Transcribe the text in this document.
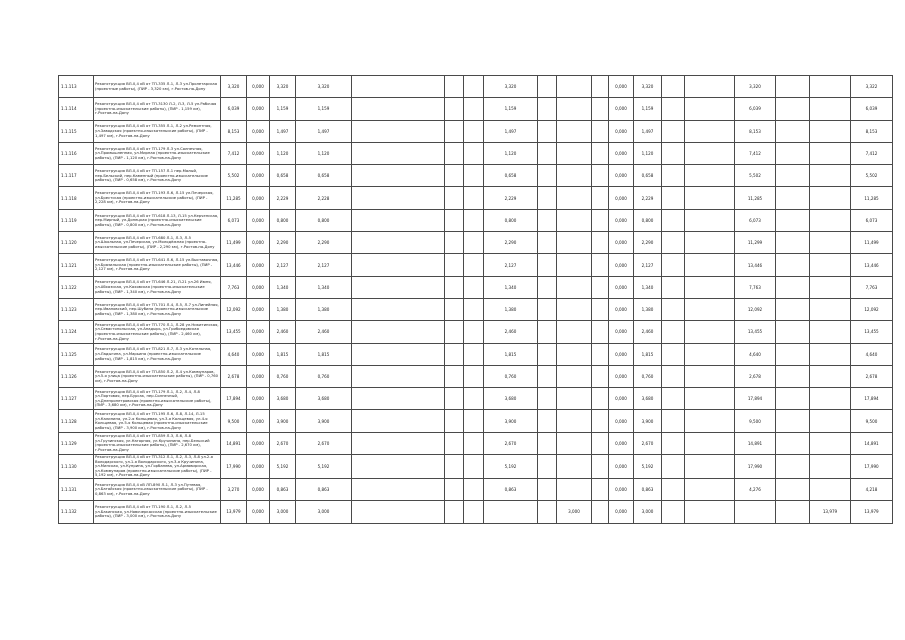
1.1.113	Реконструкция ВЛ-0,4 кВ от ТП-335 Л-1, Л-3 ул.Пролетарская (проектные работы), (ПИР - 3,320 км), г.Ростов-на-Дону	3,320	0,000	3,320	3,320				3,320				0,000	3,320			3,320			3,322
1.1.114	Реконструкция ВЛ-0,4 кВ от ТП-3130 Л-2, Л-3, Л-5 ул.Рабочая (проектно-изыскательские работы), (ПИР - 1,159 км), г.Ростов-на-Дону	6,039	0,000	1,159	1,159				1,159				0,000	1,159			6,039			6,039
1.1.115	Реконструкция ВЛ-0,4 кВ от ТП-355 Л-1, Л-2 ул.Ремонтная, ул.Заводская (проектно-изыскательские работы), (ПИР - 1,497 км), г.Ростов-на-Дону	8,153	0,000	1,497	1,497				1,497				0,000	1,497			8,153			8,153
1.1.116	Реконструкция ВЛ-0,4 кВ от ТП-179 Л-3 ул.Солнечная, ул.Промышленная, ул.Мирная (проектно-изыскательские работы), (ПИР - 1,120 км), г.Ростов-на-Дону	7,412	0,000	1,120	1,120				1,120				0,000	1,120			7,412			7,412
1.1.117	Реконструкция ВЛ-0,4 кВ от ТП-157 Л-1 пер.Малый, пер.Бельский, пер.Каменный (проектно-изыскательские работы), (ПИР - 0,658 км), г.Ростов-на-Дону	5,502	0,000	0,658	0,658				0,658				0,000	0,658			5,502			5,502
1.1.118	Реконструкция ВЛ-0,4 кВ от ТП-193 Л-6, Л-15 ул.Печерская, ул.Брестская (проектно-изыскательские работы), (ПИР - 2,228 км), г.Ростов-на-Дону	11,285	0,000	2,229	2,228				2,229				0,000	2,229			11,285			11,285
1.1.119	Реконструкция ВЛ-0,4 кВ от ТП-618 Л-13, Л-15 ул.Керченская, пер.Мирный, ул.Донецкая (проектно-изыскательские работы), (ПИР - 0,800 км), г.Ростов-на-Дону	6,073	0,000	0,800	0,800				0,800				0,000	0,800			6,073			6,073
1.1.120	Реконструкция ВЛ-0,4 кВ от ТП-680 Л-1, Л-3, Л-5 ул.Школьная, ул.Печерская, ул.Молодёжная (проектно-изыскательские работы), (ПИР - 2,290 км), г.Ростов-на-Дону	11,499	0,000	2,290	2,290				2,290				0,000	2,290			11,299			11,499
1.1.121	Реконструкция ВЛ-0,4 кВ от ТП-641 Л-6, Л-15 ул.Выставочная, ул.Бразильская (проектно-изыскательские работы), (ПИР - 2,127 км), г.Ростов-на-Дону	13,446	0,000	2,127	2,127				2,127				0,000	2,127			13,446			13,446
1.1.122	Реконструкция ВЛ-0,4 кВ от ТП-646 Л-21, Л-21 ул.26 Июня, ул.Абхазская, ул.Каховская (проектно-изыскательские работы), (ПИР - 1,340 км), г.Ростов-на-Дону	7,763	0,000	1,340	1,340				1,340				0,000	1,340			7,763			7,763
1.1.123	Реконструкция ВЛ-0,4 кВ от ТП-701 Л-4, Л-5, Л-7 ул.Линейная, пер.Ивановский, пер.Шубина (проектно-изыскательские работы), (ПИР - 1,380 км), г.Ростов-на-Дону	12,092	0,000	1,380	1,380				1,380				0,000	1,380			12,092			12,092
1.1.124	Реконструкция ВЛ-0,4 кВ от ТП-770 Л-1, Л-28 ул.Никитинская, ул.Севастопольская, ул.Анадырь, ул.Грибоедовская (проектно-изыскательские работы), (ПИР - 2,460 км), г.Ростов-на-Дону	13,455	0,000	2,460	2,460				2,460				0,000	2,460			13,455			13,455
1.1.125	Реконструкция ВЛ-0,4 кВ от ТП-821 Л-7, Л-3 ул.Котельная, ул.Ладыгина, ул.Марьина (проектно-изыскательские работы), (ПИР - 1,815 км), г.Ростов-на-Дону	4,640	0,000	1,815	1,815				1,815				0,000	1,815			4,640			4,640
1.1.126	Реконструкция ВЛ-0,4 кВ от ТП-850 Л-2, Л-4 ул.Коммунаров, ул.5-я улица (проектно-изыскательские работы), (ПИР - 0,760 км), г.Ростов-на-Дону	2,678	0,000	0,760	0,760				0,760				0,000	0,760			2,678			2,678
1.1.127	Реконструкция ВЛ-0,4 кВ от ТП-179 Л-1, Л-2, Л-4, Л-8 ул.Портовая, пер.Бурсак, пер.Солнечный, ул.Днепропетровская (проектно-изыскательские работы), (ПИР - 3,680 км), г.Ростов-на-Дону	17,894	0,000	3,680	3,680				3,680				0,000	3,680			17,894			17,894
1.1.128	Реконструкция ВЛ-0,4 кВ от ТП-195 Л-6, Л-8, Л-14, Л-15 ул.Калинина, ул.2-я Кольцевая, ул.3-я Кольцевая, ул.4-я Кольцевая, ул.5-я Кольцевая (проектно-изыскательские работы), (ПИР - 3,900 км), г.Ростов-на-Дону	9,500	0,000	3,900	3,900				3,900				0,000	3,900			9,500			9,500
1.1.129	Реконструкция ВЛ-0,4 кВ от ТП-859 Л-3, Л-6, Л-8 ул.Грузинская, ул.Нагорная, ул.Кручинина, пер.Бельский (проектно-изыскательские работы), (ПИР - 2,670 км), г.Ростов-на-Дону	14,891	0,000	2,670	2,670				2,670				0,000	2,670			14,891			14,891
1.1.130	Реконструкция ВЛ-0,4 кВ от ТП-312 Л-1, Л-2, Л-3, Л-8 ул.2-я Володарского, ул.1-я Володарского, ул.3-я Кручинина, ул.Минская, ул.Куприна, ул.Горбанева, ул.Армавирская, ул.Коммунаров (проектно-изыскательские работы), (ПИР - 5,192 км), г.Ростов-на-Дону	17,990	0,000	5,192	5,192				5,192				0,000	5,192			17,990			17,990
1.1.131	Реконструкция ВЛ-0,4 кВ ЛП-890 Л-1, Л-3 ул.Путевая, ул.Батайская (проектно-изыскательские работы), (ПИР - 0,863 км), г.Ростов-на-Дону	3,270	0,000	0,863	0,863				0,863				0,000	0,863			4,276			4,218
1.1.132	Реконструкция ВЛ-0,4 кВ от ТП-190 Л-1, Л-2, Л-5 ул.Бакинская, ул.Новочеркасская (проектно-изыскательские работы), (ПИР - 3,000 км), г.Ростов-на-Дону	13,979	0,000	3,000	3,000						3,000		0,000	3,000					13,979	13,979
